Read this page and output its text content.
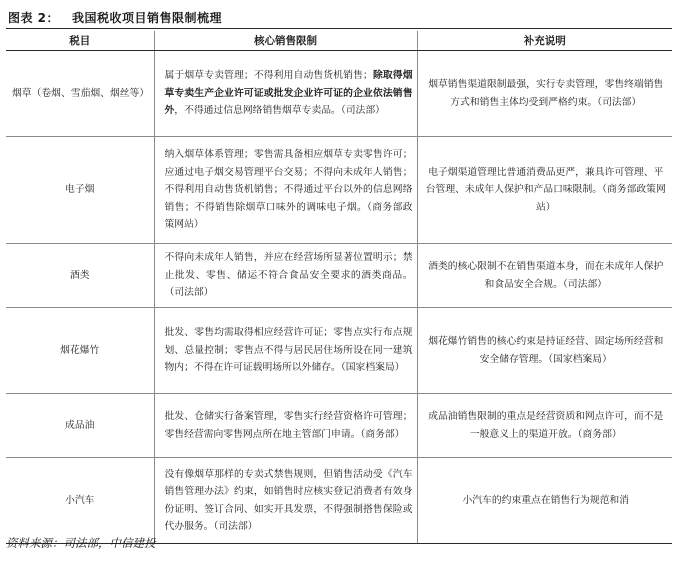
图表 2： 我国税收项目销售限制梳理
税目	核心销售限制	补充说明
烟草（卷烟、雪茄烟、烟丝等）	属于烟草专卖管理；不得利用自动售货机销售；除取得烟草专卖生产企业许可证或批发企业许可证的企业依法销售外，不得通过信息网络销售烟草专卖品。（司法部）	烟草销售渠道限制最强，实行专卖管理，零售终端销售方式和销售主体均受到严格约束。（司法部）

电子烟	纳入烟草体系管理；零售需具备相应烟草专卖零售许可；应通过电子烟交易管理平台交易；不得向未成年人销售；不得利用自动售货机销售；不得通过平台以外的信息网络销售；不得销售除烟草口味外的调味电子烟。（商务部政策网站）	电子烟渠道管理比普通消费品更严，兼具许可管理、平台管理、未成年人保护和产品口味限制。（商务部政策网站）

酒类	不得向未成年人销售，并应在经营场所显著位置明示；禁止批发、零售、储运不符合食品安全要求的酒类商品。（司法部）	酒类的核心限制不在销售渠道本身，而在未成年人保护和食品安全合规。（司法部）

烟花爆竹	批发、零售均需取得相应经营许可证；零售点实行布点规划、总量控制；零售点不得与居民居住场所设在同一建筑物内；不得在许可证载明场所以外储存。（国家档案局）	烟花爆竹销售的核心约束是持证经营、固定场所经营和安全储存管理。（国家档案局）

成品油	批发、仓储实行备案管理，零售实行经营资格许可管理；零售经营需向零售网点所在地主管部门申请。（商务部）	成品油销售限制的重点是经营资质和网点许可，而不是一般意义上的渠道开放。（商务部）

小汽车	没有像烟草那样的专卖式禁售规则，但销售活动受《汽车销售管理办法》约束，如销售时应核实登记消费者有效身份证明、签订合同、如实开具发票，不得强制搭售保险或代办服务。（司法部）	小汽车的约束重点在销售行为规范和消
资料来源：司法部，中信建投
